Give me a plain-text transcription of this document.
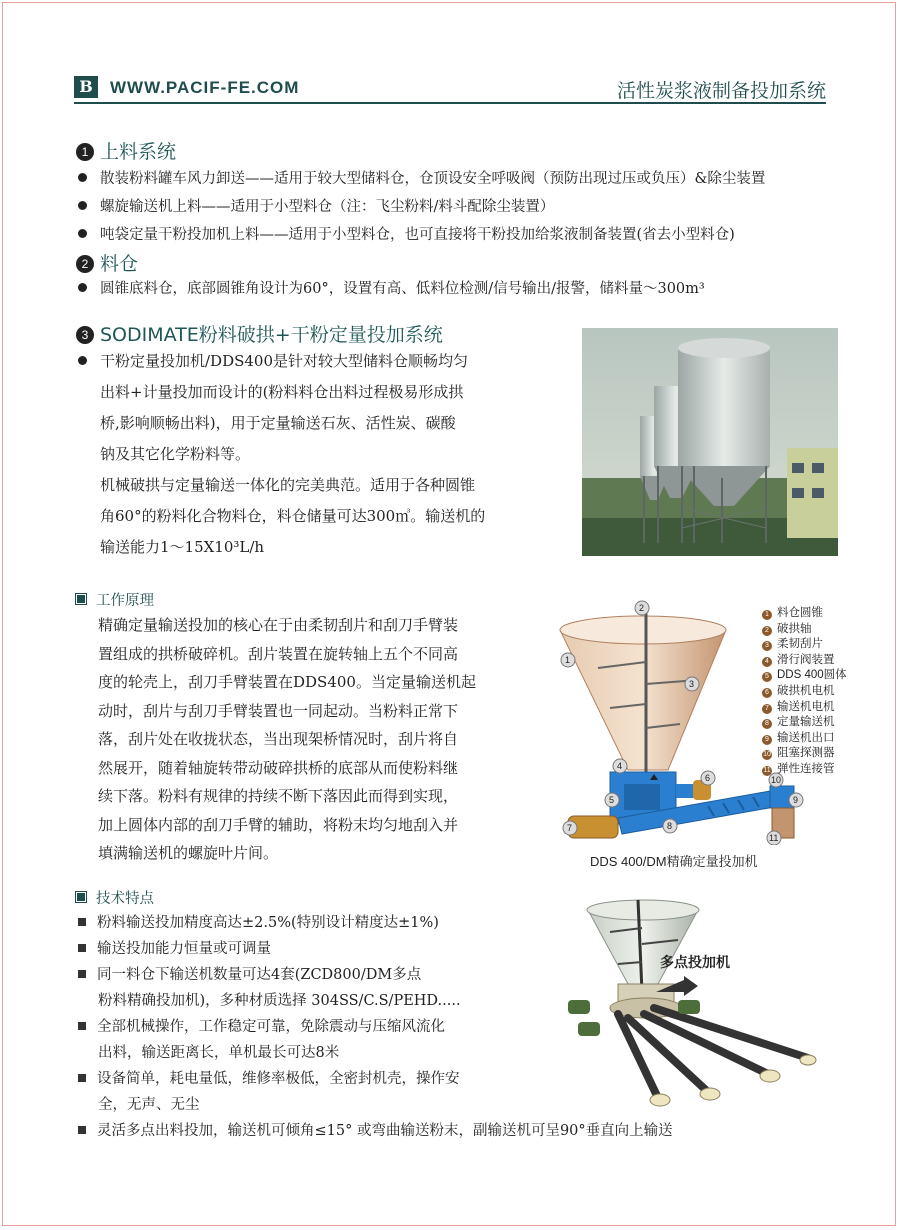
B	WWW.PACIF-FE.COM	活性炭浆液制备投加系统
1 上料系统
散装粉料罐车风力卸送——适用于较大型储料仓，仓顶设安全呼吸阀（预防出现过压或负压）&除尘装置
螺旋输送机上料——适用于小型料仓（注：飞尘粉料/料斗配除尘装置）
吨袋定量干粉投加机上料——适用于小型料仓，也可直接将干粉投加给浆液制备装置(省去小型料仓)
2 料仓
圆锥底料仓，底部圆锥角设计为60°，设置有高、低料位检测/信号输出/报警，储料量～300m³
3 SODIMATE粉料破拱+干粉定量投加系统
干粉定量投加机/DDS400是针对较大型储料仓顺畅均匀
出料+计量投加而设计的(粉料料仓出料过程极易形成拱
桥,影响顺畅出料)，用于定量输送石灰、活性炭、碳酸
钠及其它化学粉料等。
机械破拱与定量输送一体化的完美典范。适用于各种圆锥
角60°的粉料化合物料仓，料仓储量可达300㎥。输送机的
输送能力1～15X10³L/h
工作原理
精确定量输送投加的核心在于由柔韧刮片和刮刀手臂装
置组成的拱桥破碎机。刮片装置在旋转轴上五个不同高
度的轮壳上，刮刀手臂装置在DDS400。当定量输送机起
动时，刮片与刮刀手臂装置也一同起动。当粉料正常下
落，刮片处在收拢状态，当出现架桥情况时，刮片将自
然展开，随着轴旋转带动破碎拱桥的底部从而使粉料继
续下落。粉料有规律的持续不断下落因此而得到实现，
加上圆体内部的刮刀手臂的辅助，将粉末均匀地刮入并
填满输送机的螺旋叶片间。
1
2
3
4
5
6
7	8
9
10
11
1 料仓圆锥
2 破拱轴
3 柔韧刮片
4 滑行阀装置
5 DDS 400圆体
6 破拱机电机
7 输送机电机
8 定量输送机
9 输送机出口
10 阻塞探测器
11 弹性连接管
DDS 400/DM精确定量投加机
技术特点
粉料输送投加精度高达±2.5%(特别设计精度达±1%)
输送投加能力恒量或可调量
同一料仓下输送机数量可达4套(ZCD800/DM多点
粉料精确投加机)，多种材质选择 304SS/C.S/PEHD.....
全部机械操作，工作稳定可靠，免除震动与压缩风流化
出料，输送距离长，单机最长可达8米
设备简单，耗电量低，维修率极低，全密封机壳，操作安
全，无声、无尘
灵活多点出料投加，输送机可倾角≤15° 或弯曲输送粉末，副输送机可呈90°垂直向上输送
多点投加机
